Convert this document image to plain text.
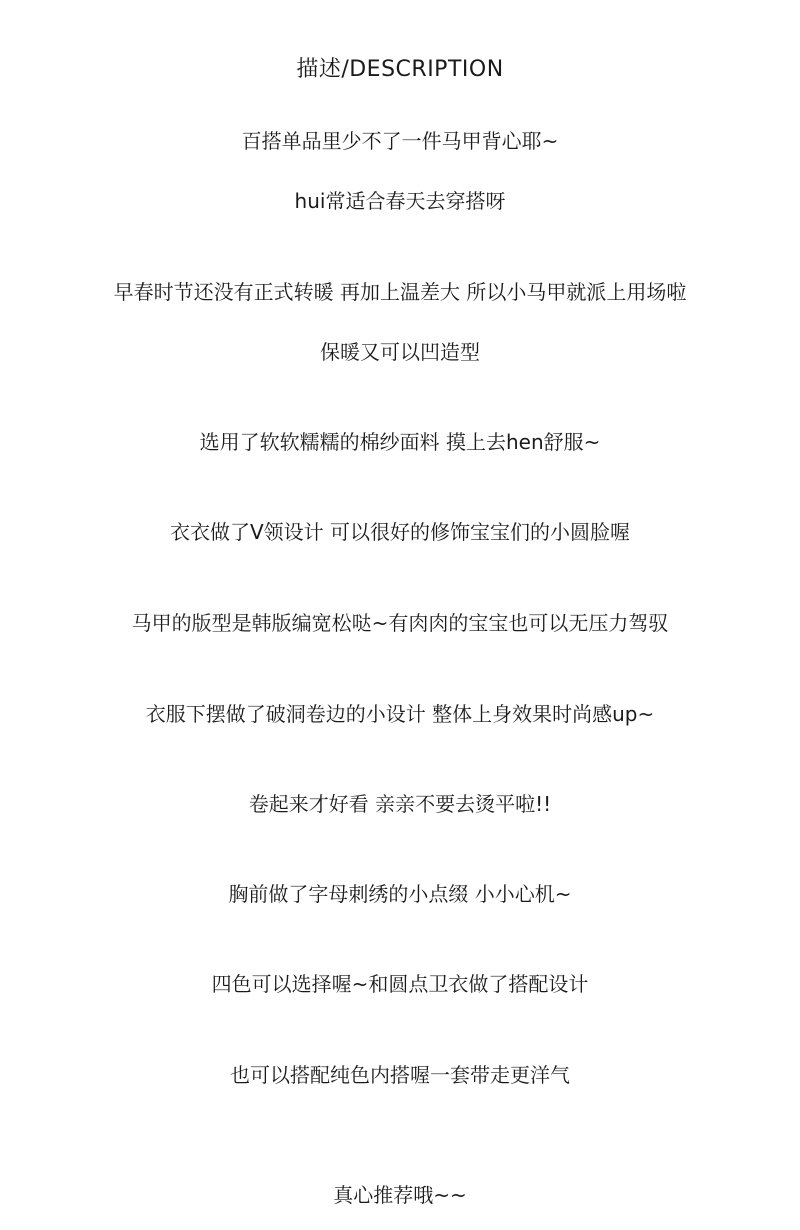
描述/DESCRIPTION
百搭单品里少不了一件马甲背心耶~
hui常适合春天去穿搭呀
早春时节还没有正式转暖 再加上温差大 所以小马甲就派上用场啦
保暖又可以凹造型
选用了软软糯糯的棉纱面料 摸上去hen舒服~
衣衣做了V领设计 可以很好的修饰宝宝们的小圆脸喔
马甲的版型是韩版编宽松哒~有肉肉的宝宝也可以无压力驾驭
衣服下摆做了破洞卷边的小设计 整体上身效果时尚感up~
卷起来才好看 亲亲不要去烫平啦!!
胸前做了字母刺绣的小点缀 小小心机~
四色可以选择喔~和圆点卫衣做了搭配设计
也可以搭配纯色内搭喔一套带走更洋气
真心推荐哦~~
